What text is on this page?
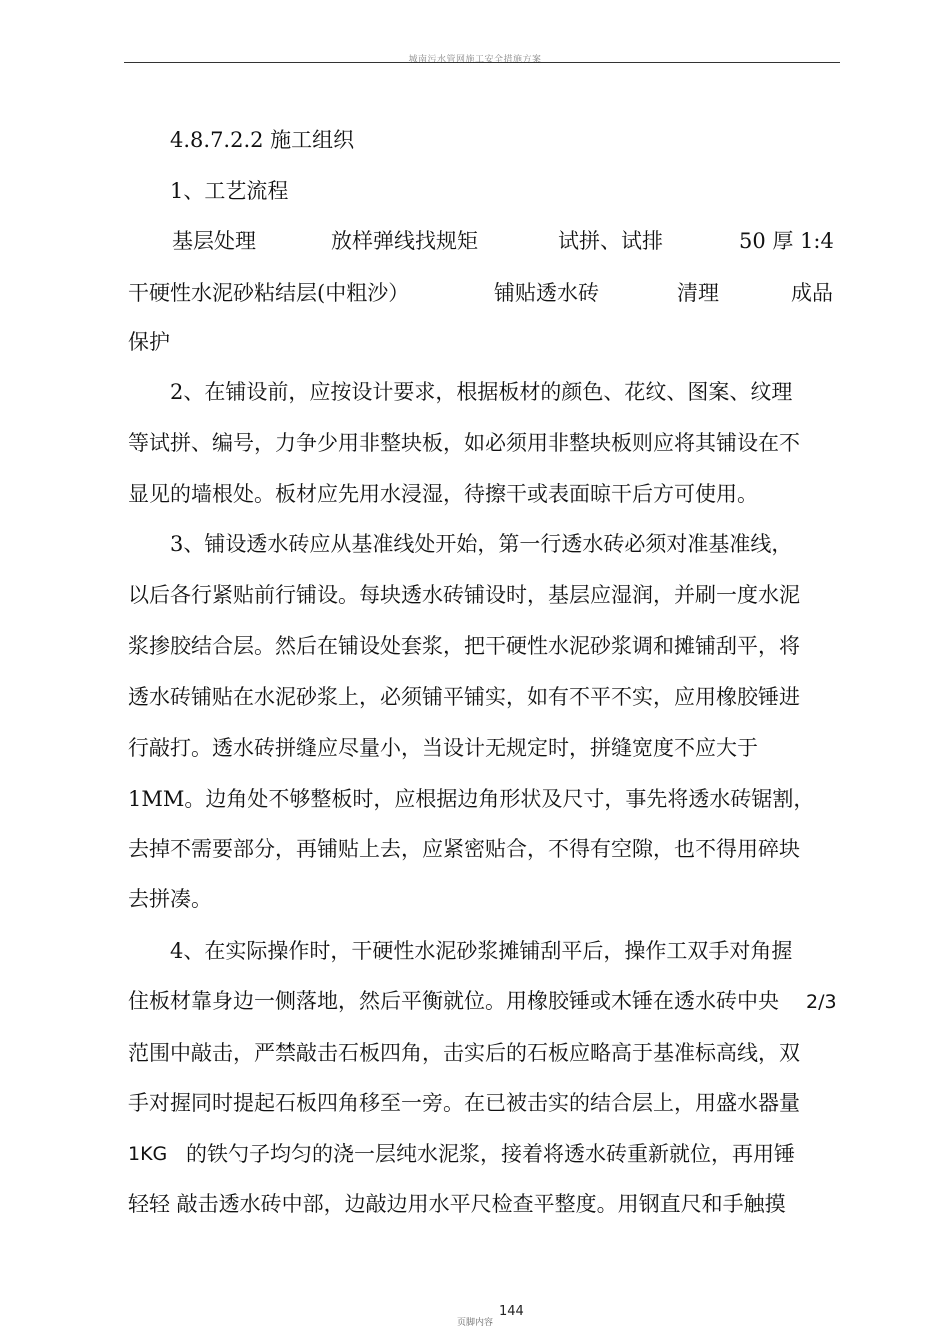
城南污水管网施工安全措施方案
4.8.7.2.2 施工组织
1、工艺流程
基层处理	放样弹线找规矩	试拼、试排	50 厚 1:4
干硬性水泥砂粘结层(中粗沙）	铺贴透水砖	清理	成品
保护
2、在铺设前，应按设计要求，根据板材的颜色、花纹、图案、纹理
等试拼、编号，力争少用非整块板，如必须用非整块板则应将其铺设在不
显见的墙根处。板材应先用水浸湿，待擦干或表面晾干后方可使用。
3、铺设透水砖应从基准线处开始，第一行透水砖必须对准基准线，
以后各行紧贴前行铺设。每块透水砖铺设时，基层应湿润，并刷一度水泥
浆掺胶结合层。然后在铺设处套浆，把干硬性水泥砂浆调和摊铺刮平，将
透水砖铺贴在水泥砂浆上，必须铺平铺实，如有不平不实，应用橡胶锤进
行敲打。透水砖拼缝应尽量小，当设计无规定时，拼缝宽度不应大于
1MM。边角处不够整板时，应根据边角形状及尺寸，事先将透水砖锯割，
去掉不需要部分，再铺贴上去，应紧密贴合，不得有空隙，也不得用碎块
去拼凑。
4、在实际操作时，干硬性水泥砂浆摊铺刮平后，操作工双手对角握
住板材靠身边一侧落地，然后平衡就位。用橡胶锤或木锤在透水砖中央 2/3
范围中敲击，严禁敲击石板四角，击实后的石板应略高于基准标高线，双
手对握同时提起石板四角移至一旁。在已被击实的结合层上，用盛水器量
1KG 的铁勺子均匀的浇一层纯水泥浆，接着将透水砖重新就位，再用锤
轻轻 敲击透水砖中部，边敲边用水平尺检查平整度。用钢直尺和手触摸
页脚内容
144
